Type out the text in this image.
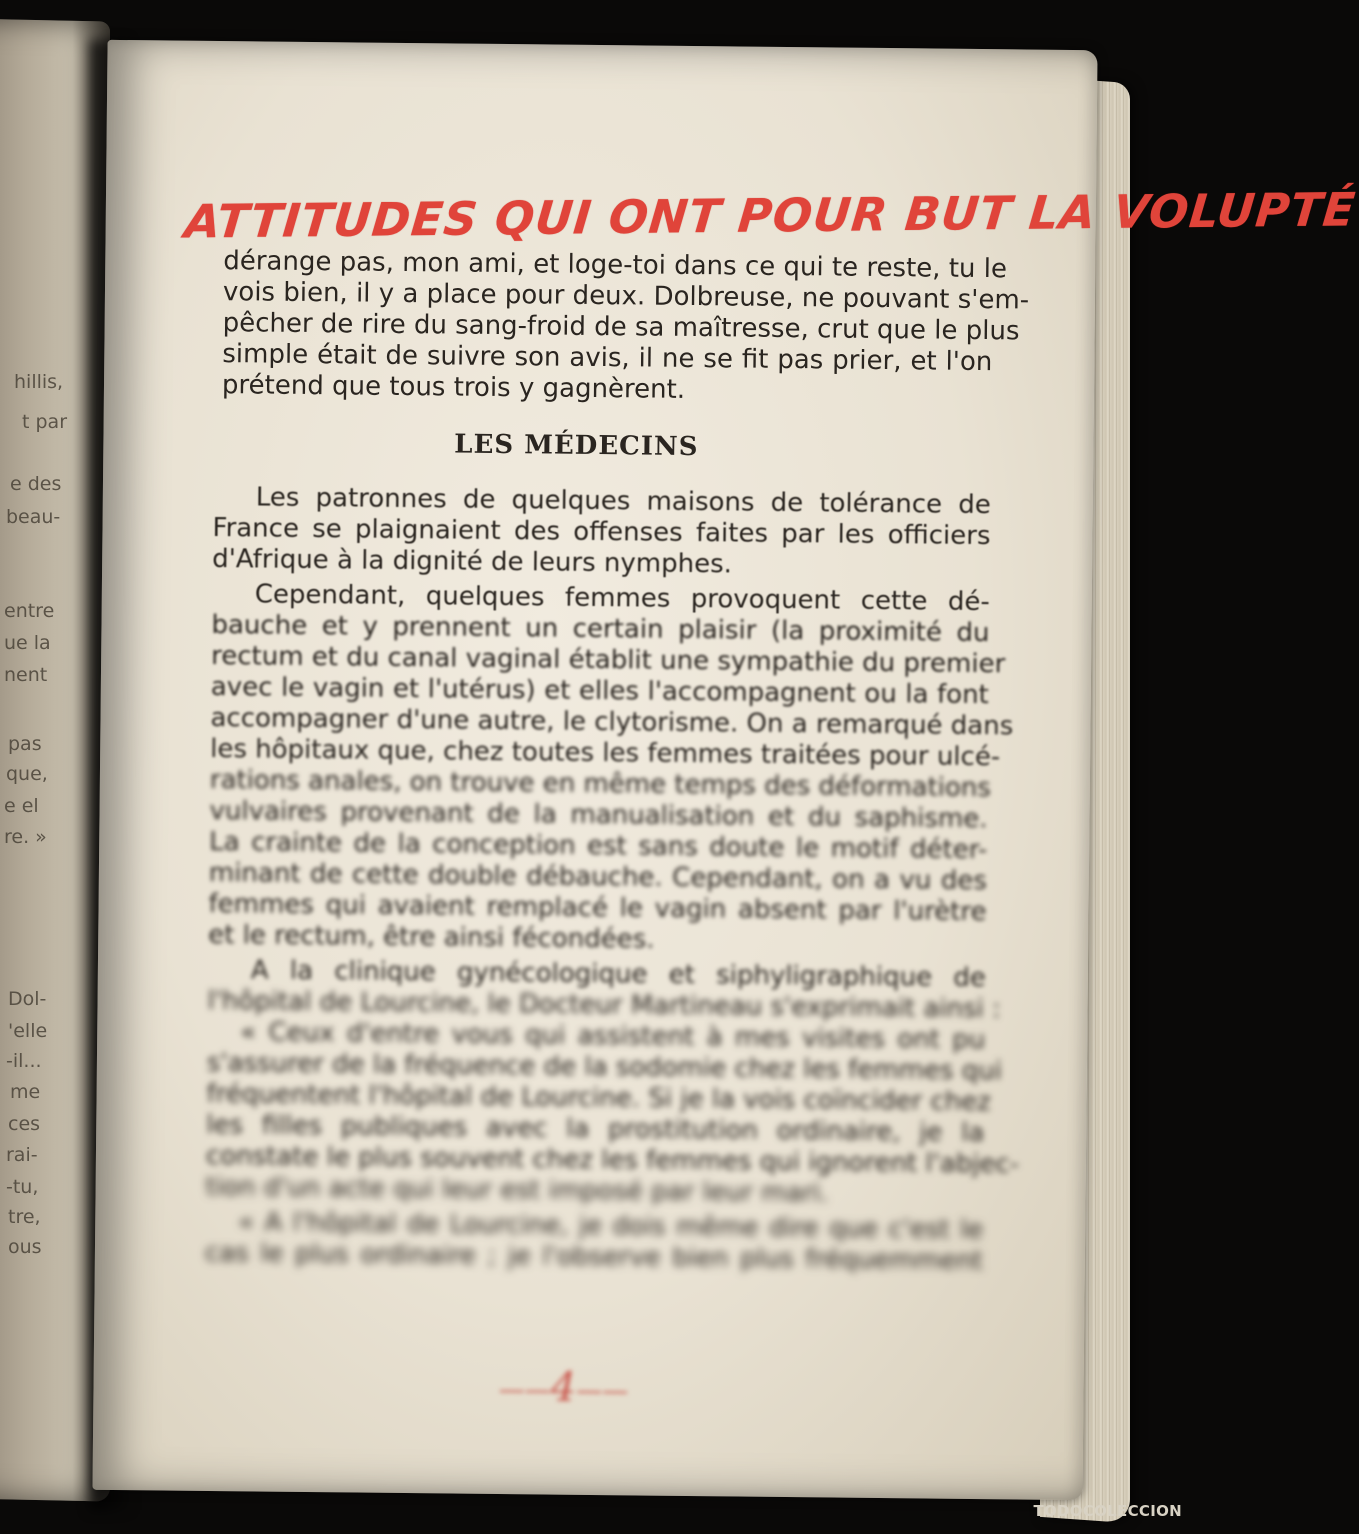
hillis,
t par
e des
beau-
entre
ue la
nent
pas
que,
e el
re. »
Dol-
'elle
-il...
me
ces
rai-
-tu,
tre,
ous
ATTITUDES QUI ONT POUR BUT LA VOLUPTÉ
dérange pas, mon ami, et loge-toi dans ce qui te reste, tu le
vois bien, il y a place pour deux. Dolbreuse, ne pouvant s'em-
pêcher de rire du sang-froid de sa maîtresse, crut que le plus
simple était de suivre son avis, il ne se fit pas prier, et l'on
prétend que tous trois y gagnèrent.
LES MÉDECINS
Les patronnes de quelques maisons de tolérance de
France se plaignaient des offenses faites par les officiers
d'Afrique à la dignité de leurs nymphes.
Cependant, quelques femmes provoquent cette dé-
bauche et y prennent un certain plaisir (la proximité du
rectum et du canal vaginal établit une sympathie du premier
avec le vagin et l'utérus) et elles l'accompagnent ou la font
accompagner d'une autre, le clytorisme. On a remarqué dans
les hôpitaux que, chez toutes les femmes traitées pour ulcé-
rations anales, on trouve en même temps des déformations
vulvaires provenant de la manualisation et du saphisme.
La crainte de la conception est sans doute le motif déter-
minant de cette double débauche. Cependant, on a vu des
femmes qui avaient remplacé le vagin absent par l'urètre
et le rectum, être ainsi fécondées.
A la clinique gynécologique et siphyligraphique de
l'hôpital de Lourcine, le Docteur Martineau s'exprimait ainsi :
« Ceux d'entre vous qui assistent à mes visites ont pu
s'assurer de la fréquence de la sodomie chez les femmes qui
fréquentent l'hôpital de Lourcine. Si je la vois coïncider chez
les filles publiques avec la prostitution ordinaire, je la
constate le plus souvent chez les femmes qui ignorent l'abjec-
tion d'un acte qui leur est imposé par leur mari.
« A l'hôpital de Lourcine, je dois même dire que c'est le
cas le plus ordinaire ; je l'observe bien plus fréquemment
——4——
TODOCOLECCION
